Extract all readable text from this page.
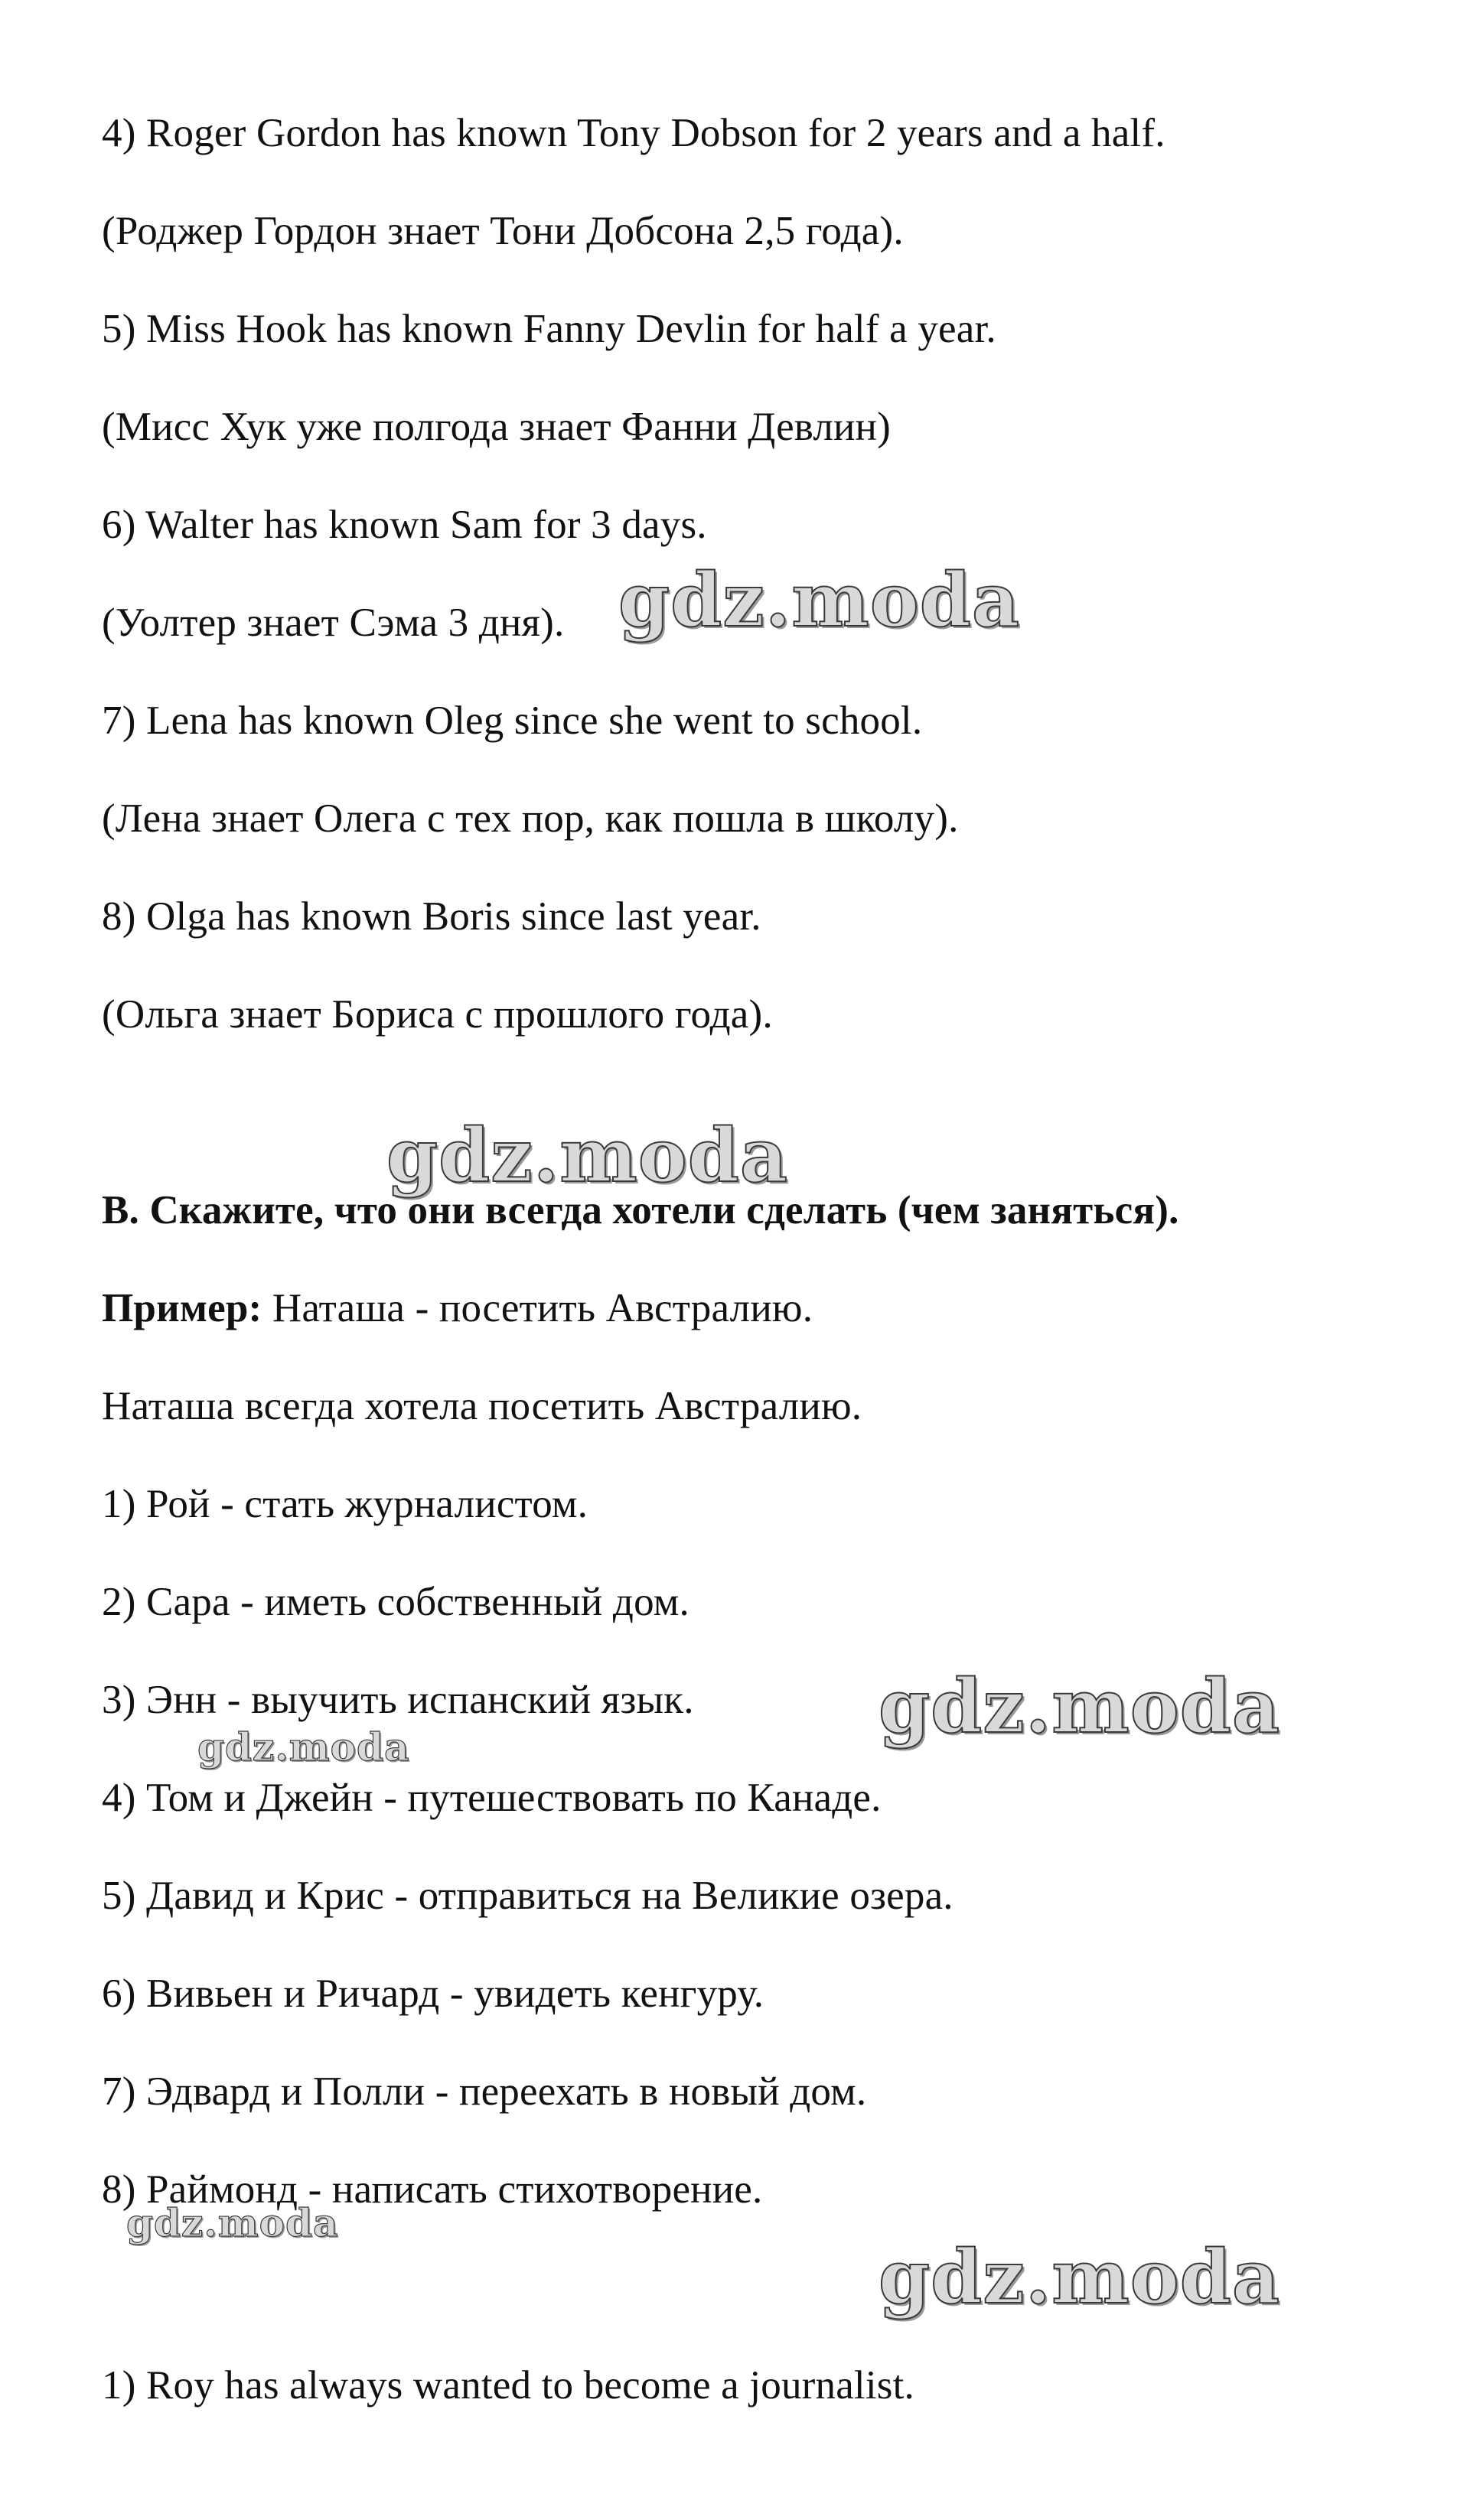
4) Roger Gordon has known Tony Dobson for 2 years and a half.
(Роджер Гордон знает Тони Добсона 2,5 года).
5) Miss Hook has known Fanny Devlin for half a year.
(Мисс Хук уже полгода знает Фанни Девлин)
6) Walter has known Sam for 3 days.
(Уолтер знает Сэма 3 дня).
7) Lena has known Oleg since she went to school.
(Лена знает Олега с тех пор, как пошла в школу).
8) Olga has known Boris since last year.
(Ольга знает Бориса с прошлого года).
B. Скажите, что они всегда хотели сделать (чем заняться).
Пример: Наташа - посетить Австралию.
Наташа всегда хотела посетить Австралию.
1) Рой - стать журналистом.
2) Сара - иметь собственный дом.
3) Энн - выучить испанский язык.
4) Том и Джейн - путешествовать по Канаде.
5) Давид и Крис - отправиться на Великие озера.
6) Вивьен и Ричард - увидеть кенгуру.
7) Эдвард и Полли - переехать в новый дом.
8) Раймонд - написать стихотворение.
1) Roy has always wanted to become a journalist.
gdz.moda
gdz.moda
gdz.moda
gdz.moda
gdz.moda
gdz.moda
